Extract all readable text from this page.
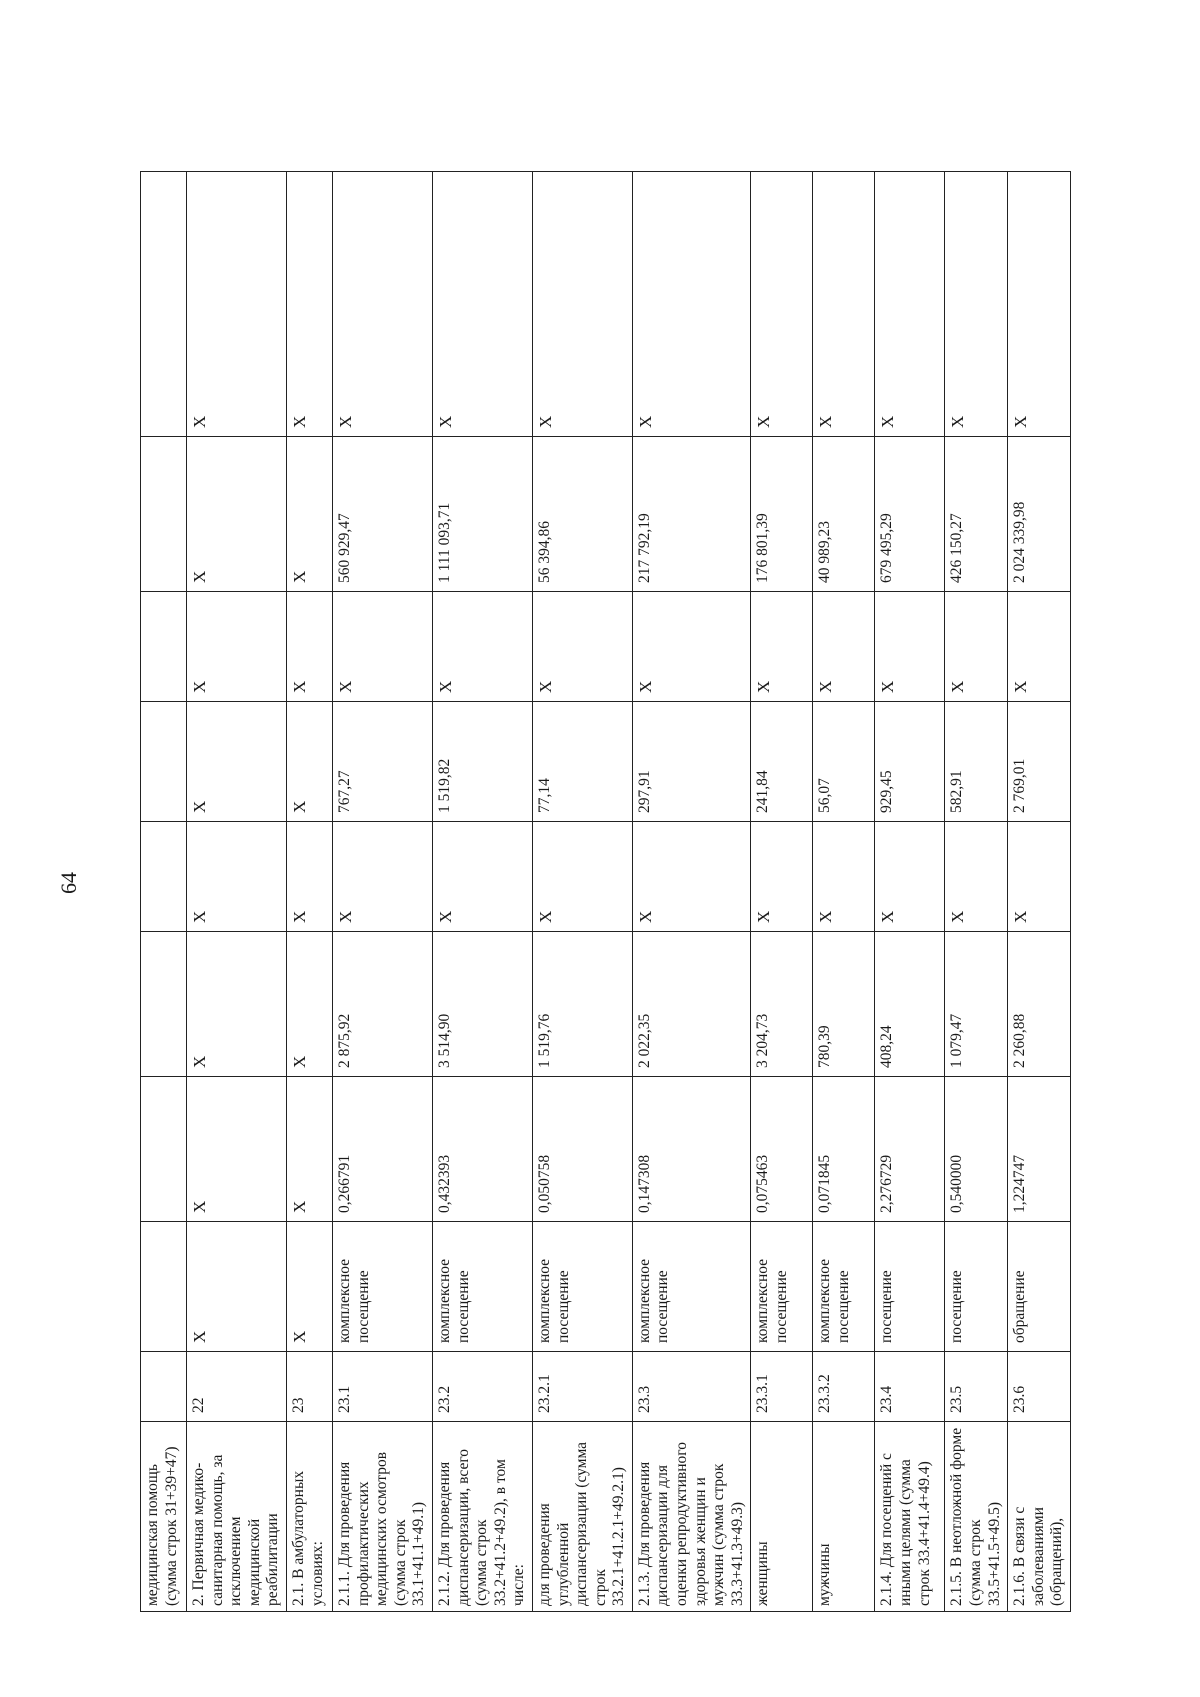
64
медицинская помощь (сумма строк 31+39+47)									
2. Первичная медико-санитарная помощь, за исключением медицинской реабилитации	22	X	X	X	X	X	X	X	X
2.1. В амбулаторных условиях:	23	X	X	X	X	X	X	X	X
2.1.1. Для проведения профилактических медицинских осмотров (сумма строк 33.1+41.1+49.1)	23.1	комплексное посещение	0,266791	2 875,92	X	767,27	X	560 929,47	X
2.1.2. Для проведения диспансеризации, всего (сумма строк 33.2+41.2+49.2), в том числе:	23.2	комплексное посещение	0,432393	3 514,90	X	1 519,82	X	1 111 093,71	X
для проведения углубленной диспансеризации (сумма строк 33.2.1+41.2.1+49.2.1)	23.2.1	комплексное посещение	0,050758	1 519,76	X	77,14	X	56 394,86	X
2.1.3. Для проведения диспансеризации для оценки репродуктивного здоровья женщин и мужчин (сумма строк 33.3+41.3+49.3)	23.3	комплексное посещение	0,147308	2 022,35	X	297,91	X	217 792,19	X
женщины	23.3.1	комплексное посещение	0,075463	3 204,73	X	241,84	X	176 801,39	X
мужчины	23.3.2	комплексное посещение	0,071845	780,39	X	56,07	X	40 989,23	X
2.1.4. Для посещений с иными целями (сумма строк 33.4+41.4+49.4)	23.4	посещение	2,276729	408,24	X	929,45	X	679 495,29	X
2.1.5. В неотложной форме (сумма строк 33.5+41.5+49.5)	23.5	посещение	0,540000	1 079,47	X	582,91	X	426 150,27	X
2.1.6. В связи с заболеваниями (обращений),	23.6	обращение	1,224747	2 260,88	X	2 769,01	X	2 024 339,98	X
